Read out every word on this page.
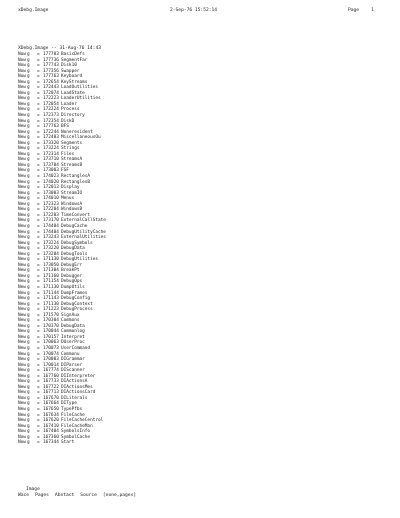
xDebg.Image	2-Sep-76 15:52:14	Page	1
XDebg.Image -- 31-Aug-76 14:43
Nowg = 177703 BasicDefs
Nowg = 177736 SegmentFar
Nowg = 177743 Disk10
Nowg = 177356 Swapper
Nowg = 177763 Keyboard
Newg = 172654 KeyStreams
Newg = 172443 LoadOutilities
Newg = 172074 LoadState
Newg = 172223 LoaderUtilities
Newg = 172054 Loader
Newg = 172224 Process
Newg = 172373 Directory
Newg = 172354 DiskD
Newg = 177763 BFS
Newg = 172244 Noneresident
Newg = 172403 MiscellaneousOu
Newg = 173320 Segments
Newg = 173224 Strings
Newg = 172314 Files
Newg = 173710 StreamsA
Newg = 173704 StreamsB
Newg = 173003 FSF
Newg = 174023 RectanglesA
Newg = 174020 RectanglesB
Newg = 172013 Display
Newg = 173003 StreamIO
Newg = 174010 Menus
Newg = 172323 WindowsA
Newg = 172204 WindowsB
Newg = 172203 TimeConvert
Newg = 173170 ExternalCallState
Newg = 174404 DebugCache
Newg = 174404 DebugUtilityCache
Newg = 173243 ExternalUtilities
Newg = 173224 DebugSymbols
Newg = 173220 DebugData
Newg = 173204 DebugTools
Newg = 171130 DebugUtilities
Newg = 173050 DebugErr
Newg = 171304 BreakPt
Newg = 171160 Debugger
Newg = 171154 DebugOps
Newg = 171130 DumpUtils
Newg = 171144 DumpFrames
Newg = 171143 DebugConfig
Newg = 171130 DebugContext
Newg = 171223 DebugProcess
Newg = 171570 SignAux
Newg = 170304 Commons
Newg = 170370 DebugData
Newg = 170044 Commonlog
Newg = 170157 Interpret
Newg = 170063 DUserProc
Newg = 170073 UserCommand
Newg = 170074 Commonu
Newg = 170003 DIGrammar
Newg = 170014 DIParser
Newg = 167774 DIScanner
Newg = 167760 DIInterpreter
Nowg = 167733 DIActionsA
Newg = 167722 DIActionsMes
Newg = 167713 DIActionsCard
Nowg = 167670 DILiterals
Newg = 167664 DIType
Newg = 167650 TypePfbs
Newg = 167634 FileCache
Newg = 167620 FileCacheCentrol
Newg = 167410 FileCacheMan
Nowg = 167404 SymbolsInfo
Nowg = 167360 SymbolCache
Nowg = 167344 Start
Image
Wace Pages Abntact Source [none,pages]
